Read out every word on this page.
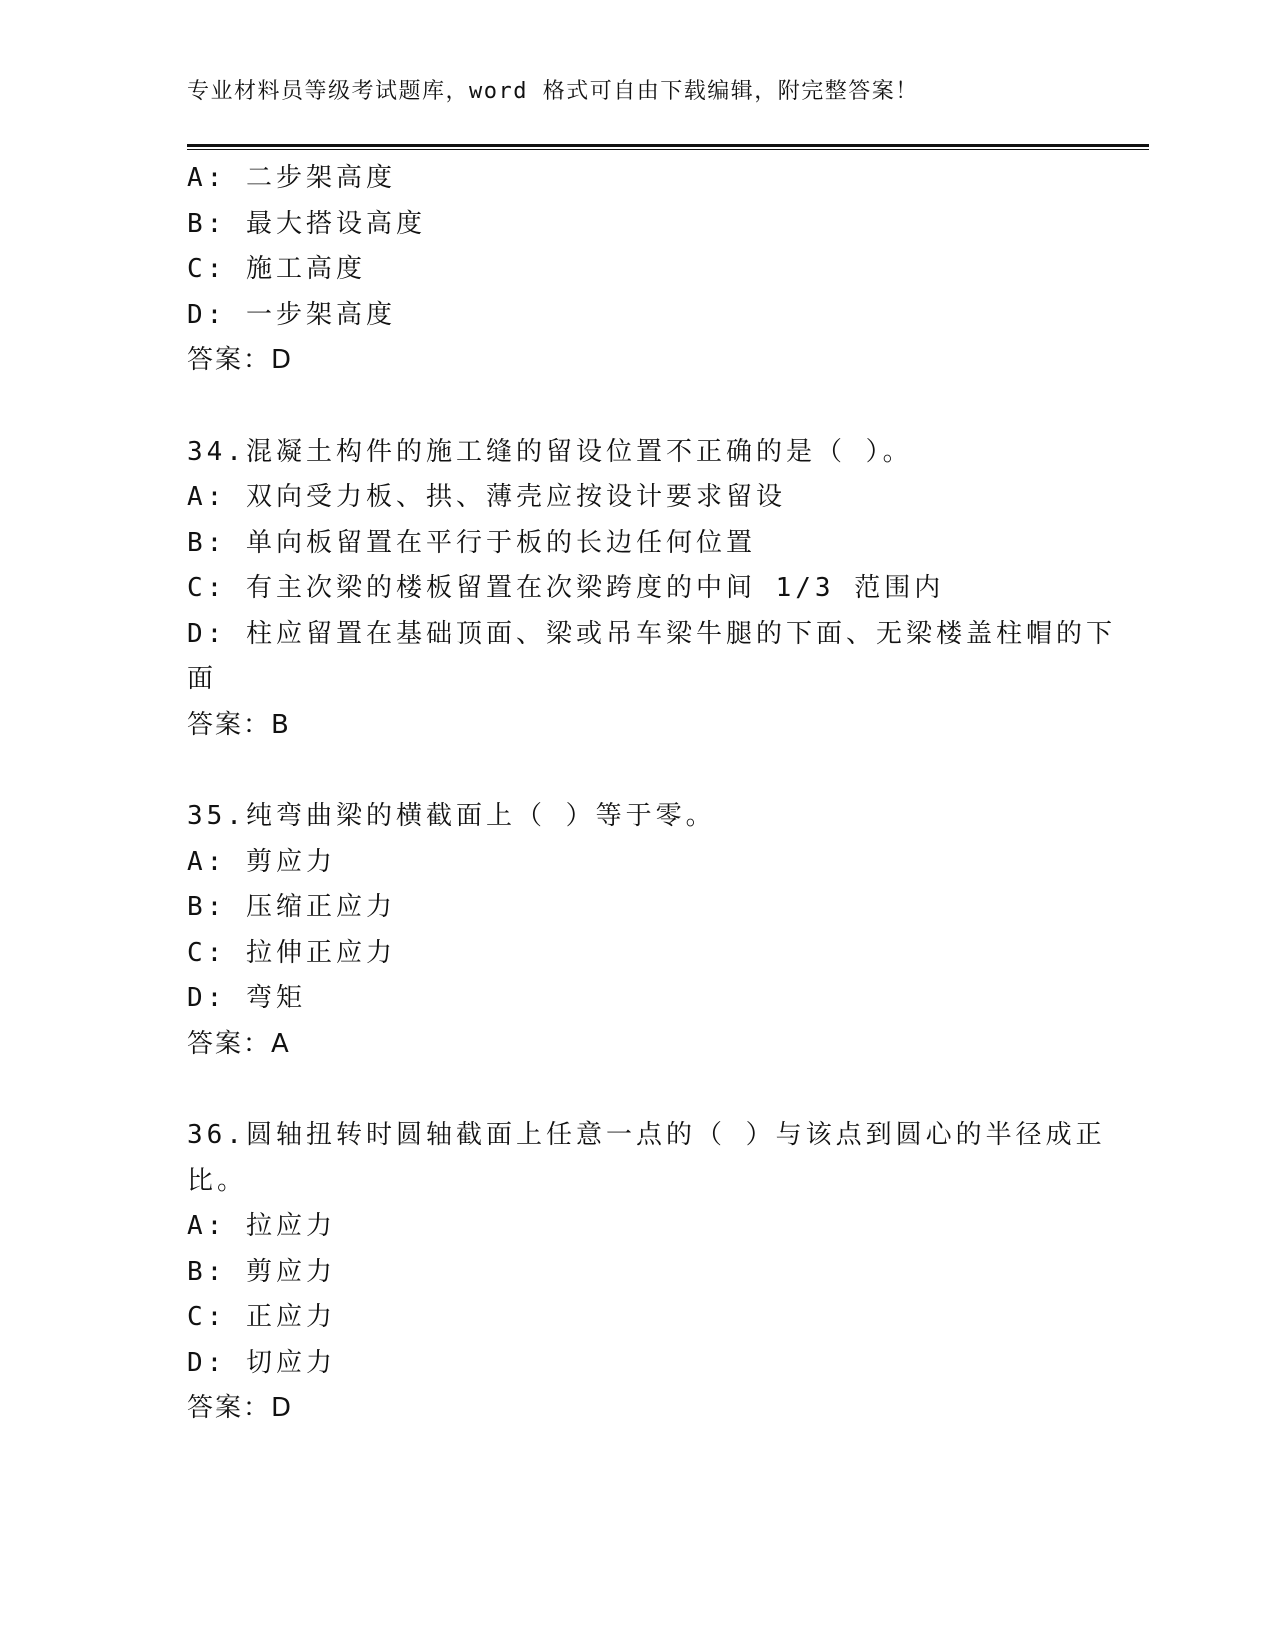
专业材料员等级考试题库，word 格式可自由下载编辑，附完整答案！

A: 二步架高度

B: 最大搭设高度

C: 施工高度

D: 一步架高度

答案：D

34.混凝土构件的施工缝的留设位置不正确的是（ ）。

A: 双向受力板、拱、薄壳应按设计要求留设

B: 单向板留置在平行于板的长边任何位置

C: 有主次梁的楼板留置在次梁跨度的中间 1/3 范围内

D: 柱应留置在基础顶面、梁或吊车梁牛腿的下面、无梁楼盖柱帽的下

面

答案：B

35.纯弯曲梁的横截面上（ ）等于零。

A: 剪应力

B: 压缩正应力

C: 拉伸正应力

D: 弯矩

答案：A

36.圆轴扭转时圆轴截面上任意一点的（ ）与该点到圆心的半径成正

比。

A: 拉应力

B: 剪应力

C: 正应力

D: 切应力

答案：D
